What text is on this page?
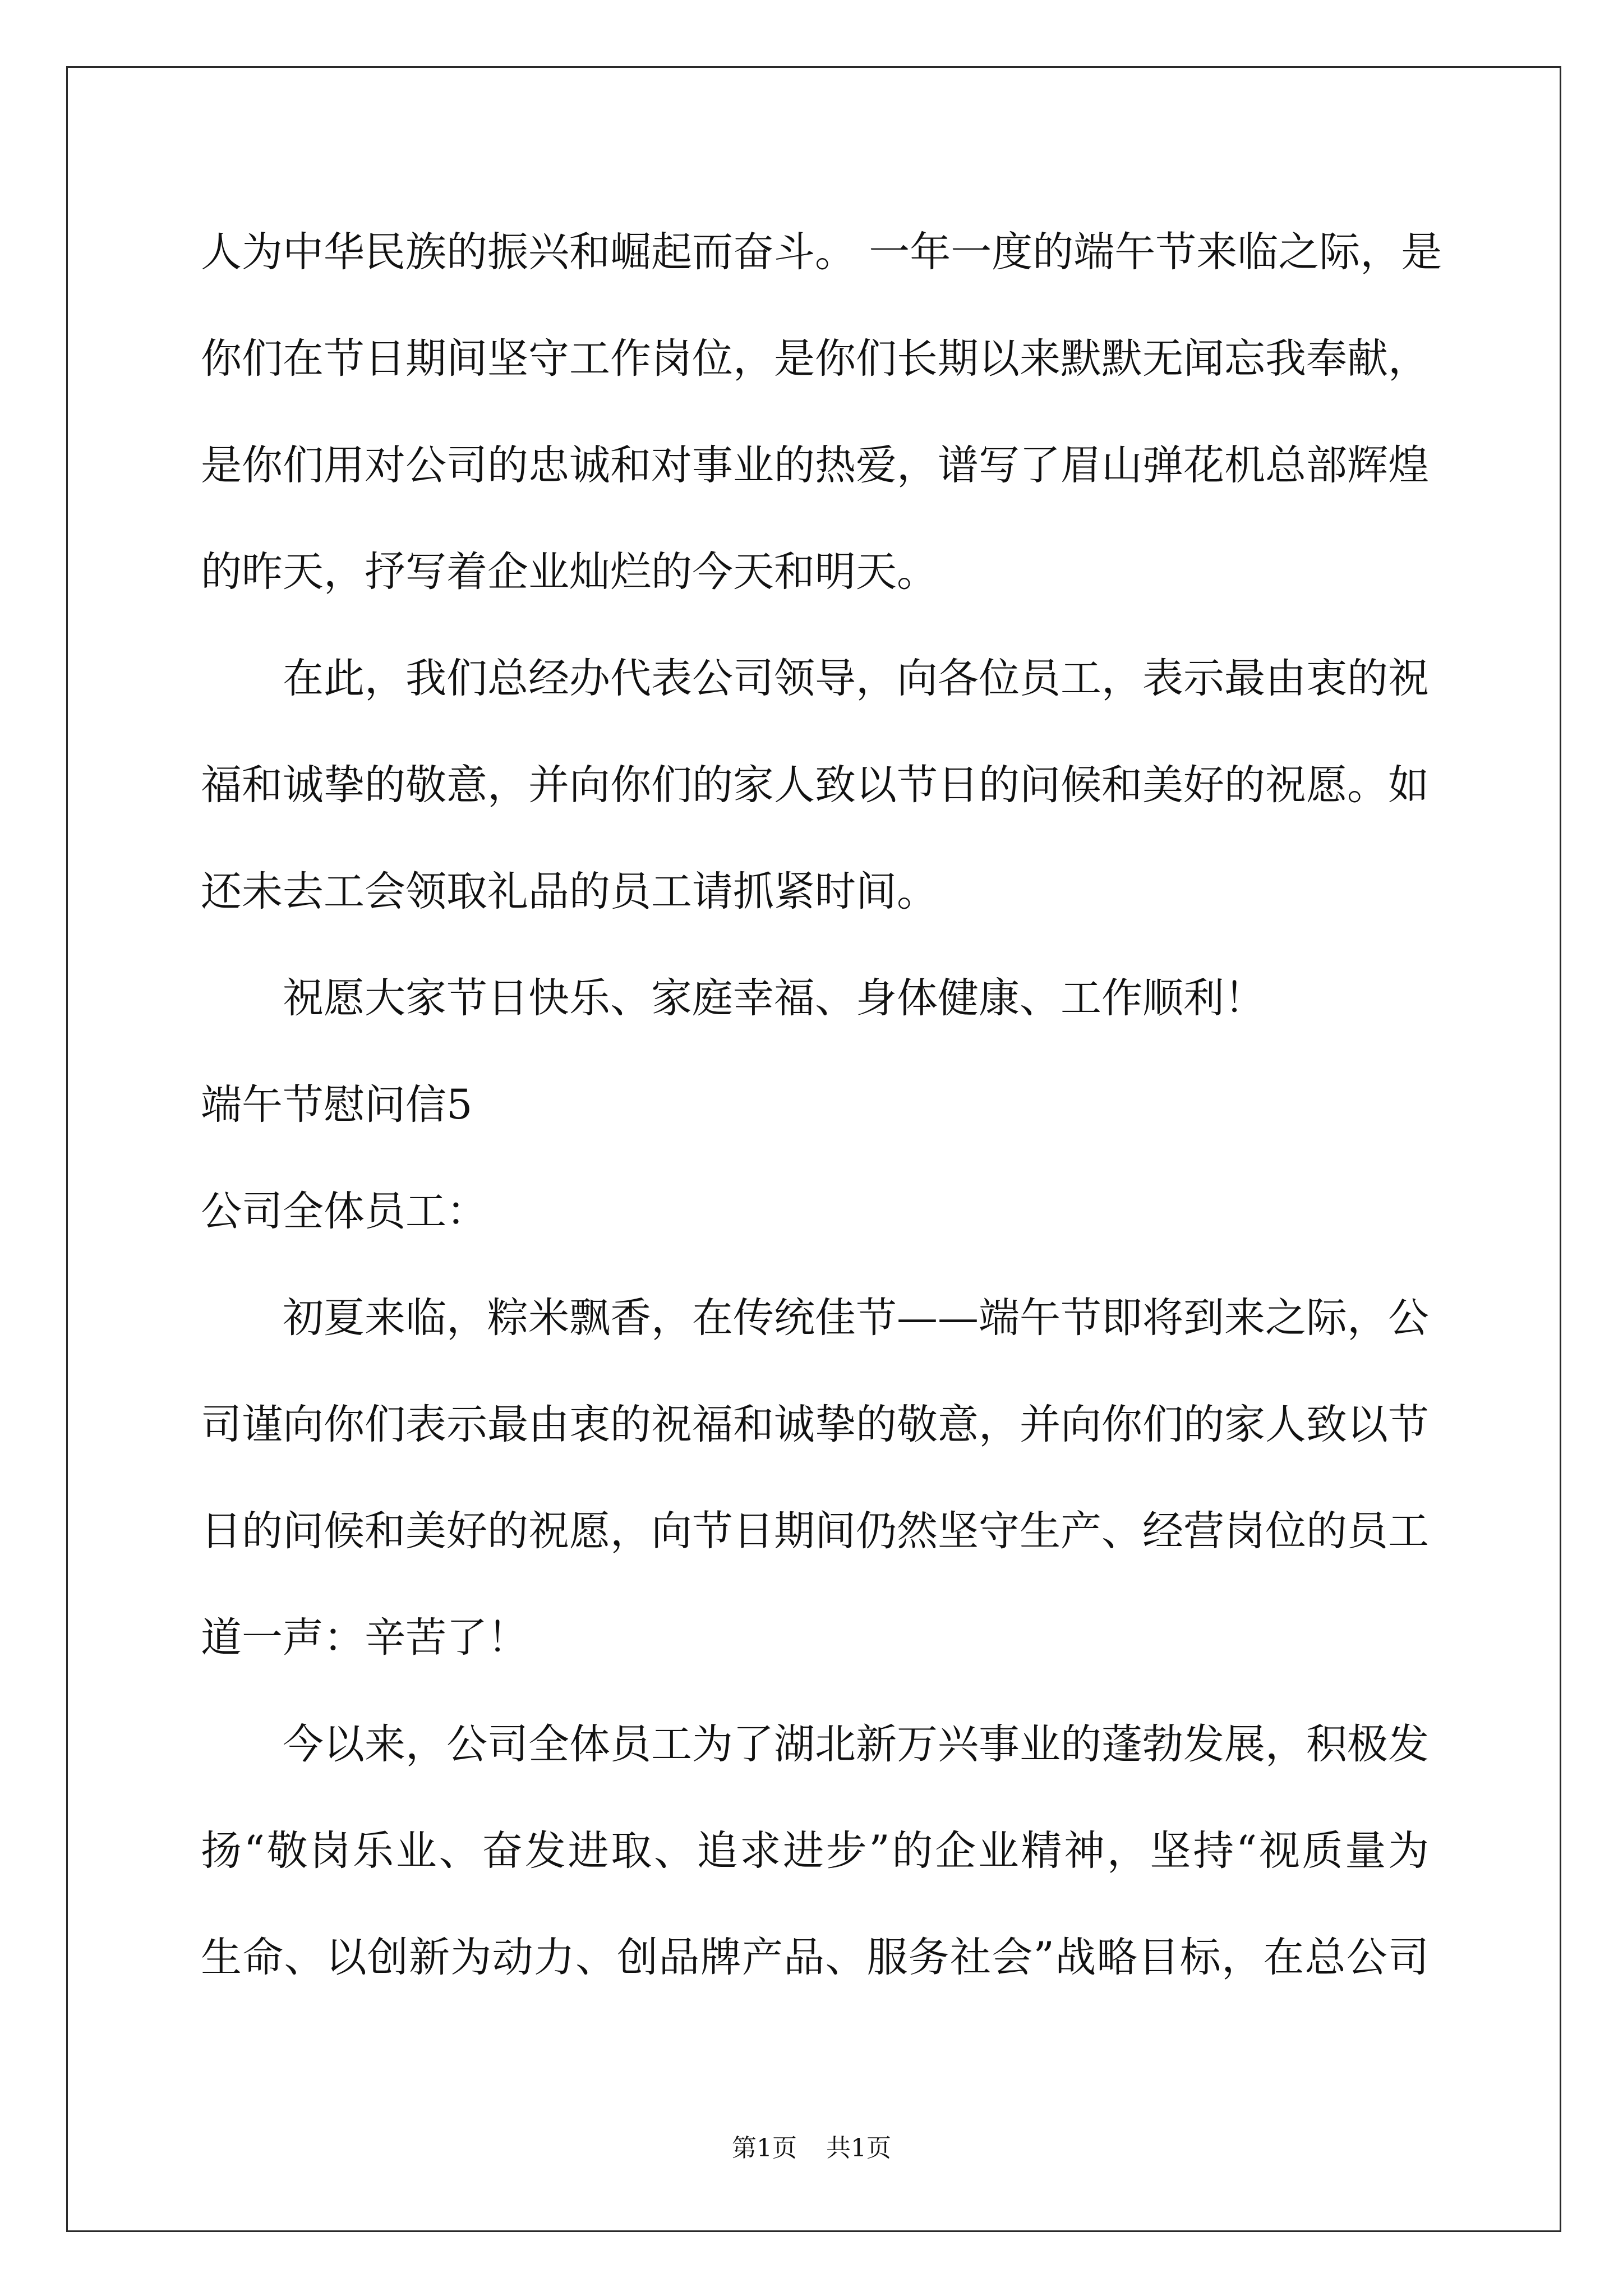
人为中华民族的振兴和崛起而奋斗。 一年一度的端午节来临之际，是
你们在节日期间坚守工作岗位，是你们长期以来默默无闻忘我奉献，
是你们用对公司的忠诚和对事业的热爱，谱写了眉山弹花机总部辉煌
的昨天，抒写着企业灿烂的今天和明天。
在此，我们总经办代表公司领导，向各位员工，表示最由衷的祝
福和诚挚的敬意，并向你们的家人致以节日的问候和美好的祝愿。如
还未去工会领取礼品的员工请抓紧时间。
祝愿大家节日快乐、家庭幸福、身体健康、工作顺利！
端午节慰问信5
公司全体员工：
初夏来临，粽米飘香，在传统佳节——端午节即将到来之际，公
司谨向你们表示最由衷的祝福和诚挚的敬意，并向你们的家人致以节
日的问候和美好的祝愿，向节日期间仍然坚守生产、经营岗位的员工
道一声：辛苦了！
今以来，公司全体员工为了湖北新万兴事业的蓬勃发展，积极发
扬“敬岗乐业、奋发进取、追求进步”的企业精神，坚持“视质量为
生命、以创新为动力、创品牌产品、服务社会”战略目标，在总公司
第1页 共1页
